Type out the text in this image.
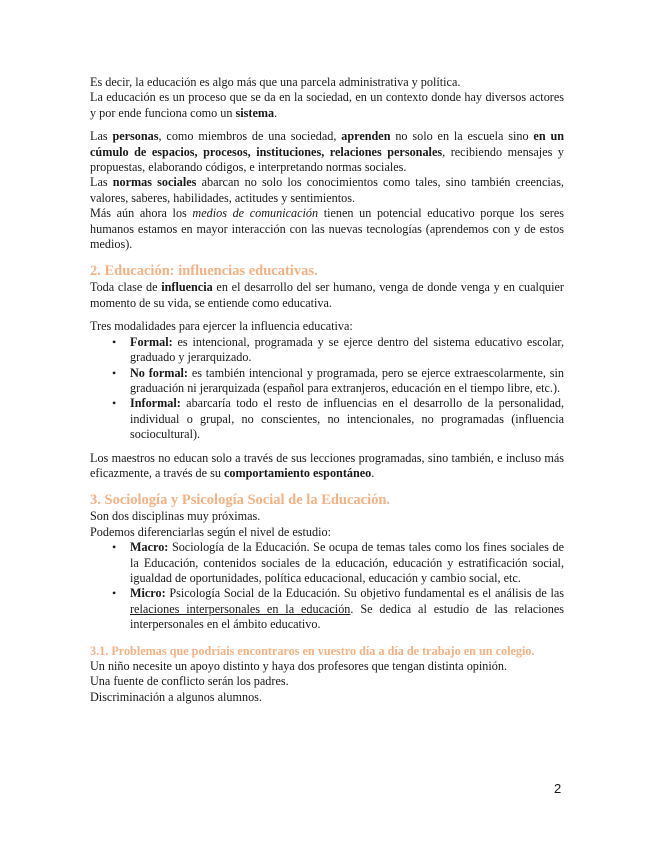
Es decir, la educación es algo más que una parcela administrativa y política.

La educación es un proceso que se da en la sociedad, en un contexto donde hay diversos actores y por ende funciona como un sistema.

Las personas, como miembros de una sociedad, aprenden no solo en la escuela sino en un cúmulo de espacios, procesos, instituciones, relaciones personales, recibiendo mensajes y propuestas, elaborando códigos, e interpretando normas sociales.

Las normas sociales abarcan no solo los conocimientos como tales, sino también creencias, valores, saberes, habilidades, actitudes y sentimientos.

Más aún ahora los medios de comunicación tienen un potencial educativo porque los seres humanos estamos en mayor interacción con las nuevas tecnologías (aprendemos con y de estos medios).

2. Educación: influencias educativas.

Toda clase de influencia en el desarrollo del ser humano, venga de donde venga y en cualquier momento de su vida, se entiende como educativa.

Tres modalidades para ejercer la influencia educativa:

• Formal: es intencional, programada y se ejerce dentro del sistema educativo escolar, graduado y jerarquizado.
• No formal: es también intencional y programada, pero se ejerce extraescolarmente, sin graduación ni jerarquizada (español para extranjeros, educación en el tiempo libre, etc.).
• Informal: abarcaría todo el resto de influencias en el desarrollo de la personalidad, individual o grupal, no conscientes, no intencionales, no programadas (influencia sociocultural).

Los maestros no educan solo a través de sus lecciones programadas, sino también, e incluso más eficazmente, a través de su comportamiento espontáneo.

3. Sociología y Psicología Social de la Educación.

Son dos disciplinas muy próximas.

Podemos diferenciarlas según el nivel de estudio:

• Macro: Sociología de la Educación. Se ocupa de temas tales como los fines sociales de la Educación, contenidos sociales de la educación, educación y estratificación social, igualdad de oportunidades, política educacional, educación y cambio social, etc.
• Micro: Psicología Social de la Educación. Su objetivo fundamental es el análisis de las relaciones interpersonales en la educación. Se dedica al estudio de las relaciones interpersonales en el ámbito educativo.
3.1. Problemas que podríais encontraros en vuestro día a día de trabajo en un colegio.

Un niño necesite un apoyo distinto y haya dos profesores que tengan distinta opinión.

Una fuente de conflicto serán los padres.

Discriminación a algunos alumnos.

2
